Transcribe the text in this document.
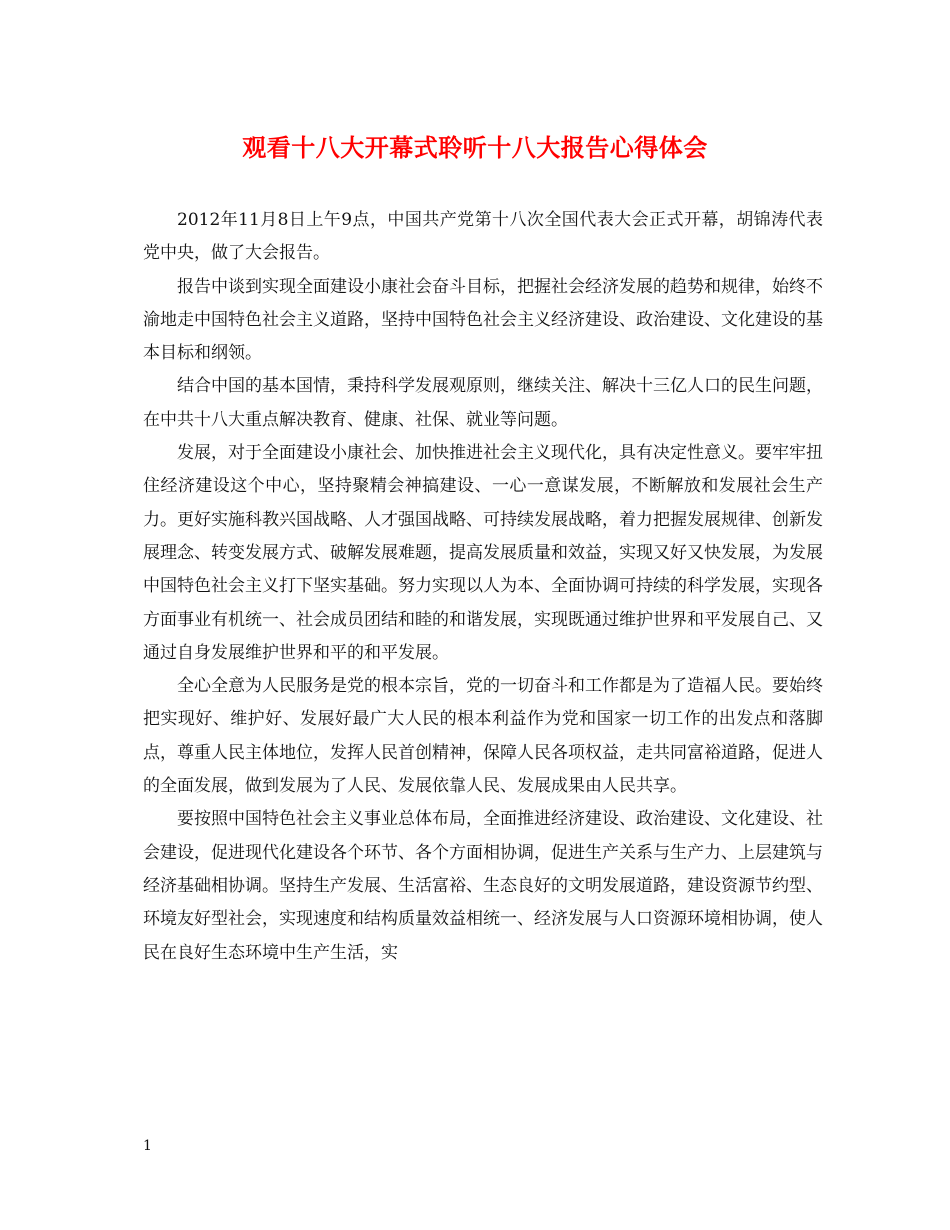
观看十八大开幕式聆听十八大报告心得体会

2012年11月8日上午9点，中国共产党第十八次全国代表大会正式开幕，胡锦涛代表党中央，做了大会报告。

报告中谈到实现全面建设小康社会奋斗目标，把握社会经济发展的趋势和规律，始终不渝地走中国特色社会主义道路，坚持中国特色社会主义经济建设、政治建设、文化建设的基本目标和纲领。

结合中国的基本国情，秉持科学发展观原则，继续关注、解决十三亿人口的民生问题，在中共十八大重点解决教育、健康、社保、就业等问题。

发展，对于全面建设小康社会、加快推进社会主义现代化，具有决定性意义。要牢牢扭住经济建设这个中心，坚持聚精会神搞建设、一心一意谋发展，不断解放和发展社会生产力。更好实施科教兴国战略、人才强国战略、可持续发展战略，着力把握发展规律、创新发展理念、转变发展方式、破解发展难题，提高发展质量和效益，实现又好又快发展，为发展中国特色社会主义打下坚实基础。努力实现以人为本、全面协调可持续的科学发展，实现各方面事业有机统一、社会成员团结和睦的和谐发展，实现既通过维护世界和平发展自己、又通过自身发展维护世界和平的和平发展。

全心全意为人民服务是党的根本宗旨，党的一切奋斗和工作都是为了造福人民。要始终把实现好、维护好、发展好最广大人民的根本利益作为党和国家一切工作的出发点和落脚点，尊重人民主体地位，发挥人民首创精神，保障人民各项权益，走共同富裕道路，促进人的全面发展，做到发展为了人民、发展依靠人民、发展成果由人民共享。

要按照中国特色社会主义事业总体布局，全面推进经济建设、政治建设、文化建设、社会建设，促进现代化建设各个环节、各个方面相协调，促进生产关系与生产力、上层建筑与经济基础相协调。坚持生产发展、生活富裕、生态良好的文明发展道路，建设资源节约型、环境友好型社会，实现速度和结构质量效益相统一、经济发展与人口资源环境相协调，使人民在良好生态环境中生产生活，实

1
